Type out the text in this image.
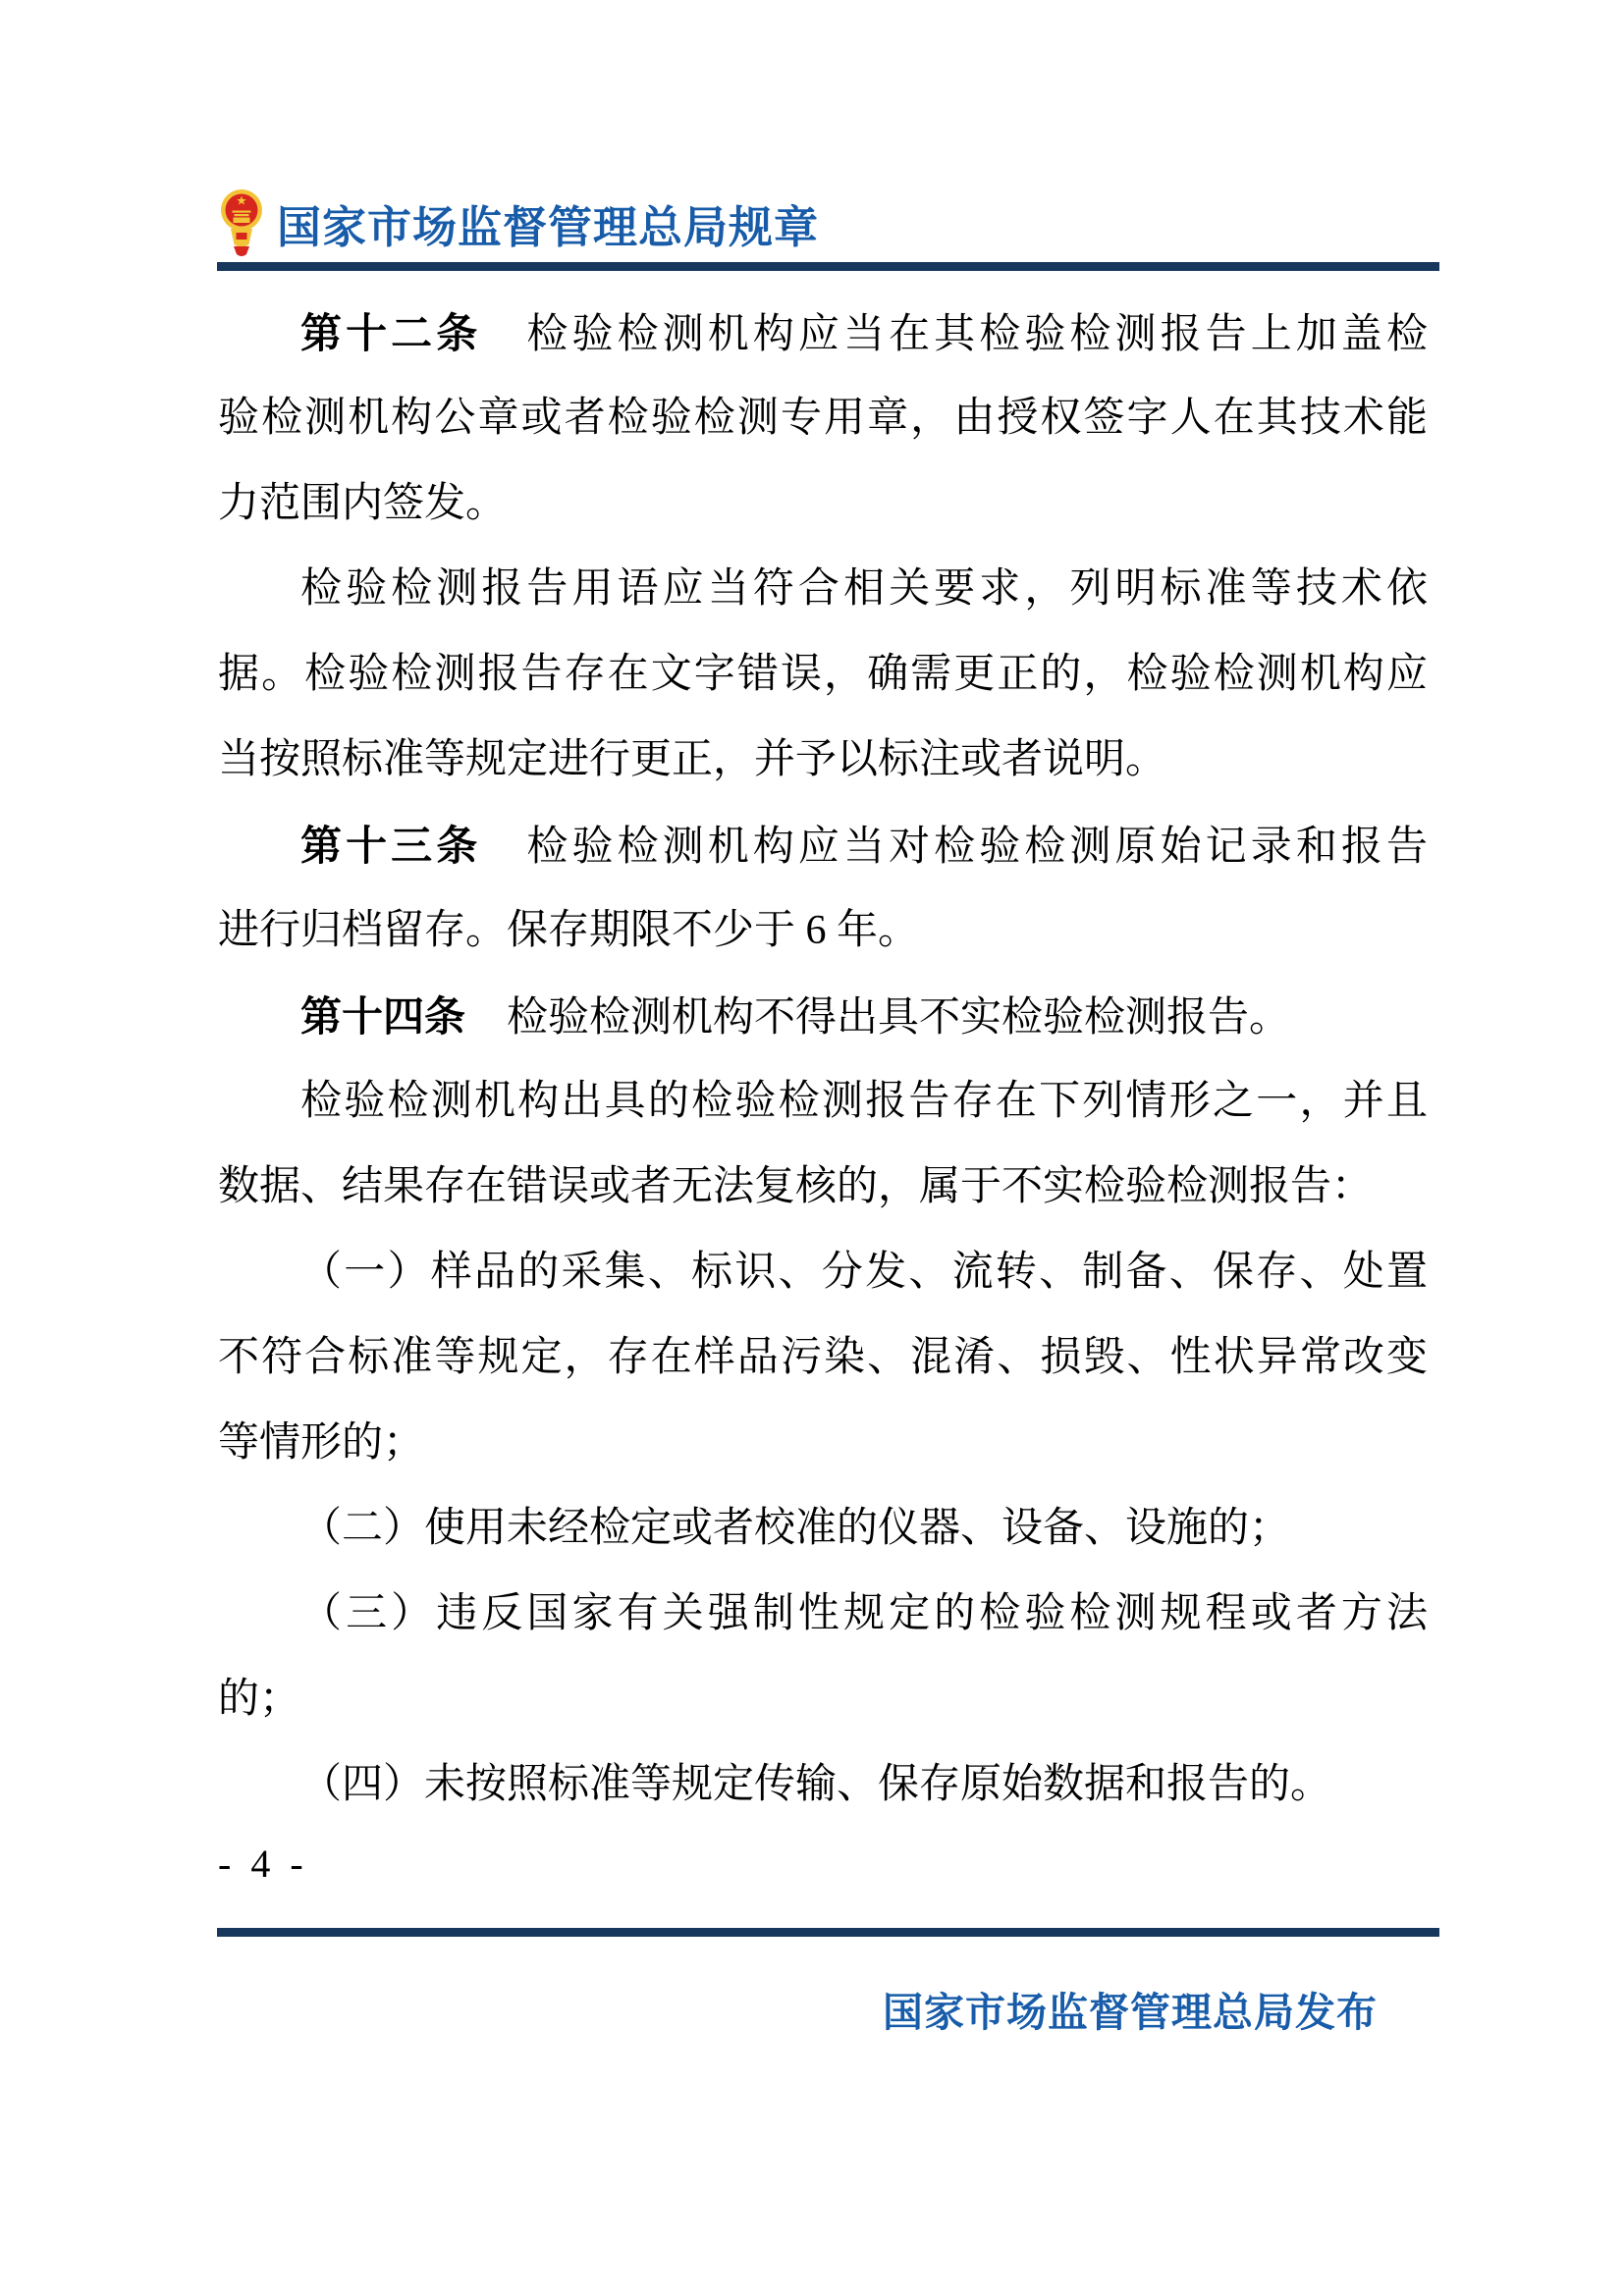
国家市场监督管理总局规章

第十二条 检验检测机构应当在其检验检测报告上加盖检

验检测机构公章或者检验检测专用章，由授权签字人在其技术能

力范围内签发。

检验检测报告用语应当符合相关要求，列明标准等技术依

据。检验检测报告存在文字错误，确需更正的，检验检测机构应

当按照标准等规定进行更正，并予以标注或者说明。

第十三条 检验检测机构应当对检验检测原始记录和报告

进行归档留存。保存期限不少于 6 年。

第十四条 检验检测机构不得出具不实检验检测报告。

检验检测机构出具的检验检测报告存在下列情形之一，并且

数据、结果存在错误或者无法复核的，属于不实检验检测报告：

（一）样品的采集、标识、分发、流转、制备、保存、处置

不符合标准等规定，存在样品污染、混淆、损毁、性状异常改变

等情形的；

（二）使用未经检定或者校准的仪器、设备、设施的；

（三）违反国家有关强制性规定的检验检测规程或者方法

的；

（四）未按照标准等规定传输、保存原始数据和报告的。

- 4 -
国家市场监督管理总局发布
